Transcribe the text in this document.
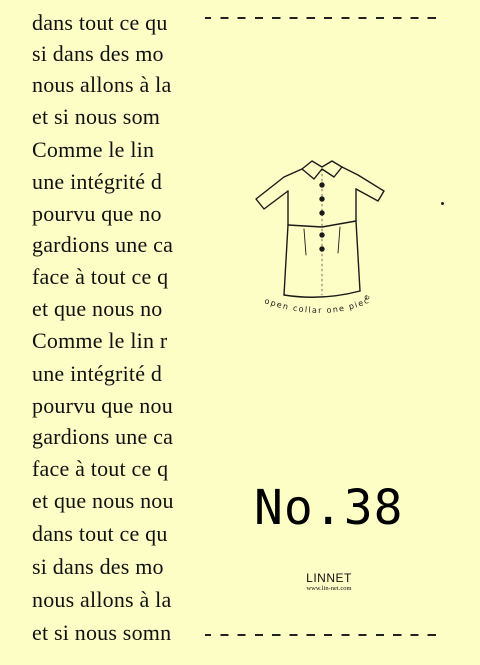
dans tout ce qu
si dans des mo
nous allons à la
et si nous som
Comme le lin
une intégrité d
pourvu que no
gardions une ca
face à tout ce q
et que nous no
Comme le lin r
une intégrité d
pourvu que nou
gardions une ca
face à tout ce q
et que nous nou
dans tout ce qu
si dans des mo
nous allons à la
et si nous somn
open collar one piece
No.38
LINNET
www.lin-net.com
